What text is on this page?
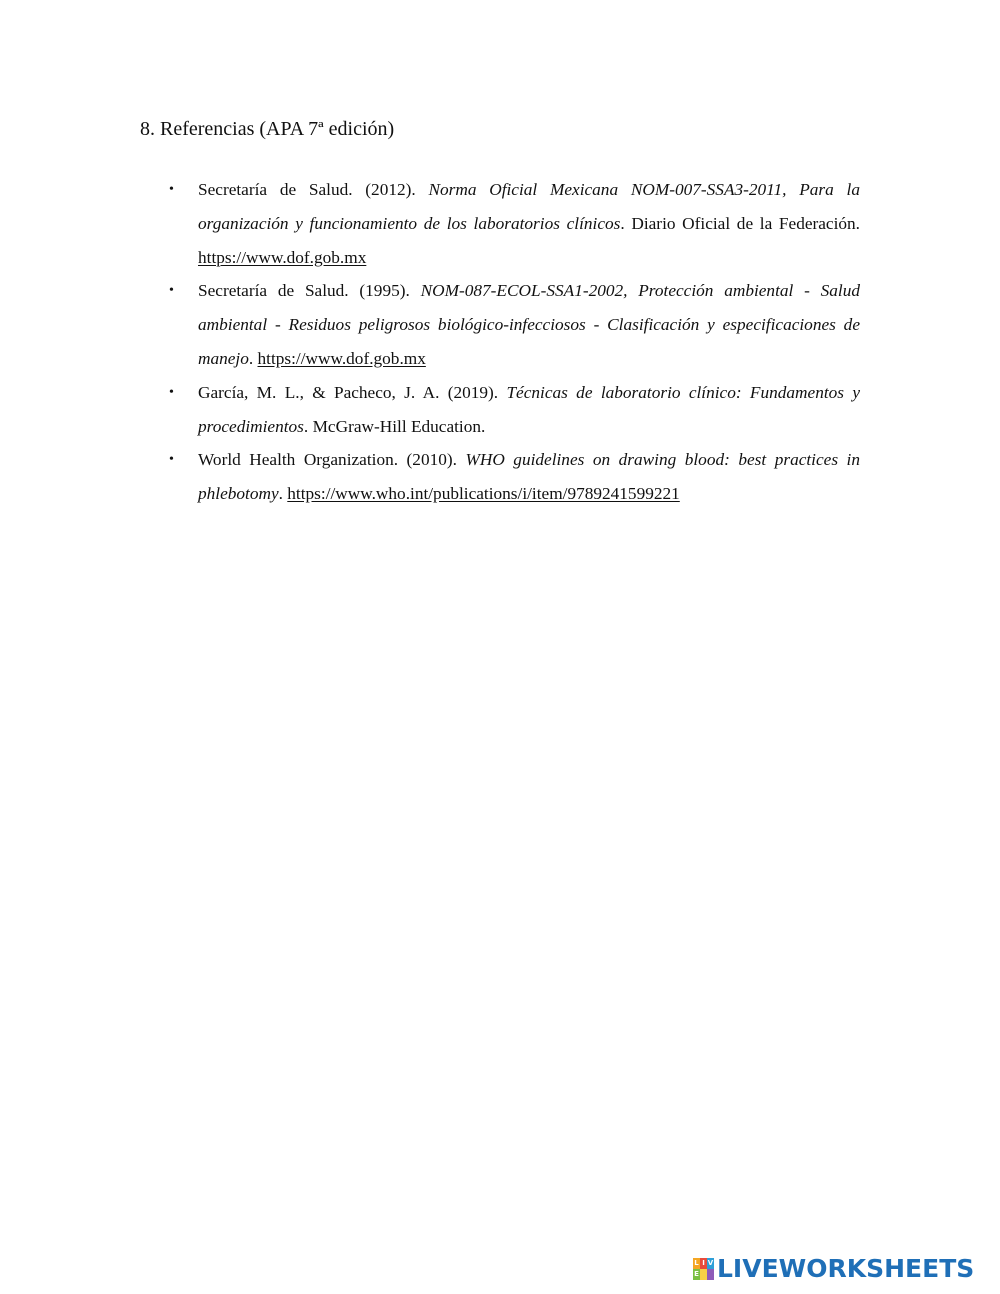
8. Referencias (APA 7ª edición)
• Secretaría de Salud. (2012). Norma Oficial Mexicana NOM-007-SSA3-2011, Para la organización y funcionamiento de los laboratorios clínicos. Diario Oficial de la Federación. https://www.dof.gob.mx
• Secretaría de Salud. (1995). NOM-087-ECOL-SSA1-2002, Protección ambiental - Salud ambiental - Residuos peligrosos biológico-infecciosos - Clasificación y especificaciones de manejo. https://www.dof.gob.mx
• García, M. L., & Pacheco, J. A. (2019). Técnicas de laboratorio clínico: Fundamentos y procedimientos. McGraw-Hill Education.
• World Health Organization. (2010). WHO guidelines on drawing blood: best practices in phlebotomy. https://www.who.int/publications/i/item/9789241599221
L I V
E LIVEWORKSHEETS
